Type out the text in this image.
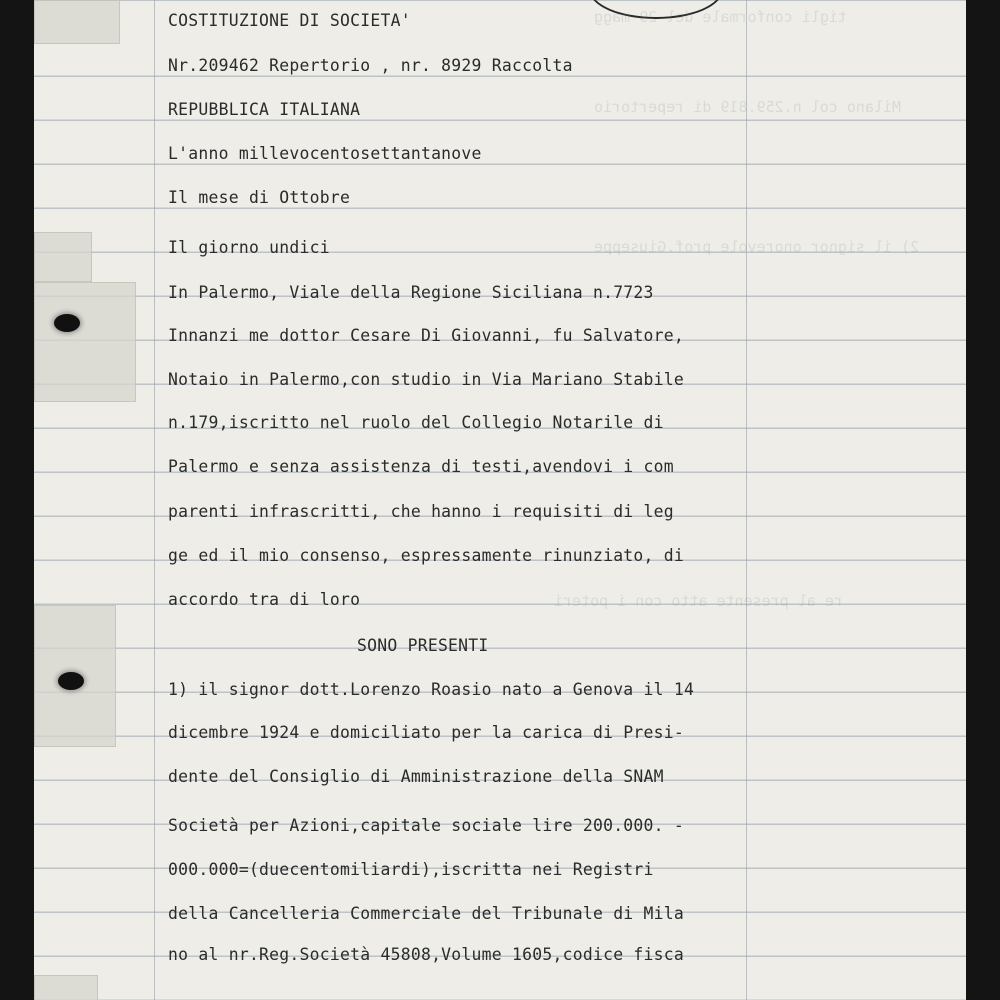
tigli conformale del 29 magg
Milano col n.259.819 di repertorio
2) il signor onorevole prof.Giuseppe
re al presente atto con i poteri
COSTITUZIONE DI SOCIETA'
Nr.209462 Repertorio , nr. 8929 Raccolta
REPUBBLICA ITALIANA
L'anno millevocentosettantanove
Il mese di Ottobre
Il giorno undici
In Palermo, Viale della Regione Siciliana n.7723
Innanzi me dottor Cesare Di Giovanni, fu Salvatore,
Notaio in Palermo,con studio in Via Mariano Stabile
n.179,iscritto nel ruolo del Collegio Notarile di
Palermo e senza assistenza di testi,avendovi i com
parenti infrascritti, che hanno i requisiti di leg
ge ed il mio consenso, espressamente rinunziato, di
accordo tra di loro
SONO PRESENTI
1) il signor dott.Lorenzo Roasio nato a Genova il 14
dicembre 1924 e domiciliato per la carica di Presi-
dente del Consiglio di Amministrazione della SNAM
Società per Azioni,capitale sociale lire 200.000. -
000.000=(duecentomiliardi),iscritta nei Registri
della Cancelleria Commerciale del Tribunale di Mila
no al nr.Reg.Società 45808,Volume 1605,codice fisca
